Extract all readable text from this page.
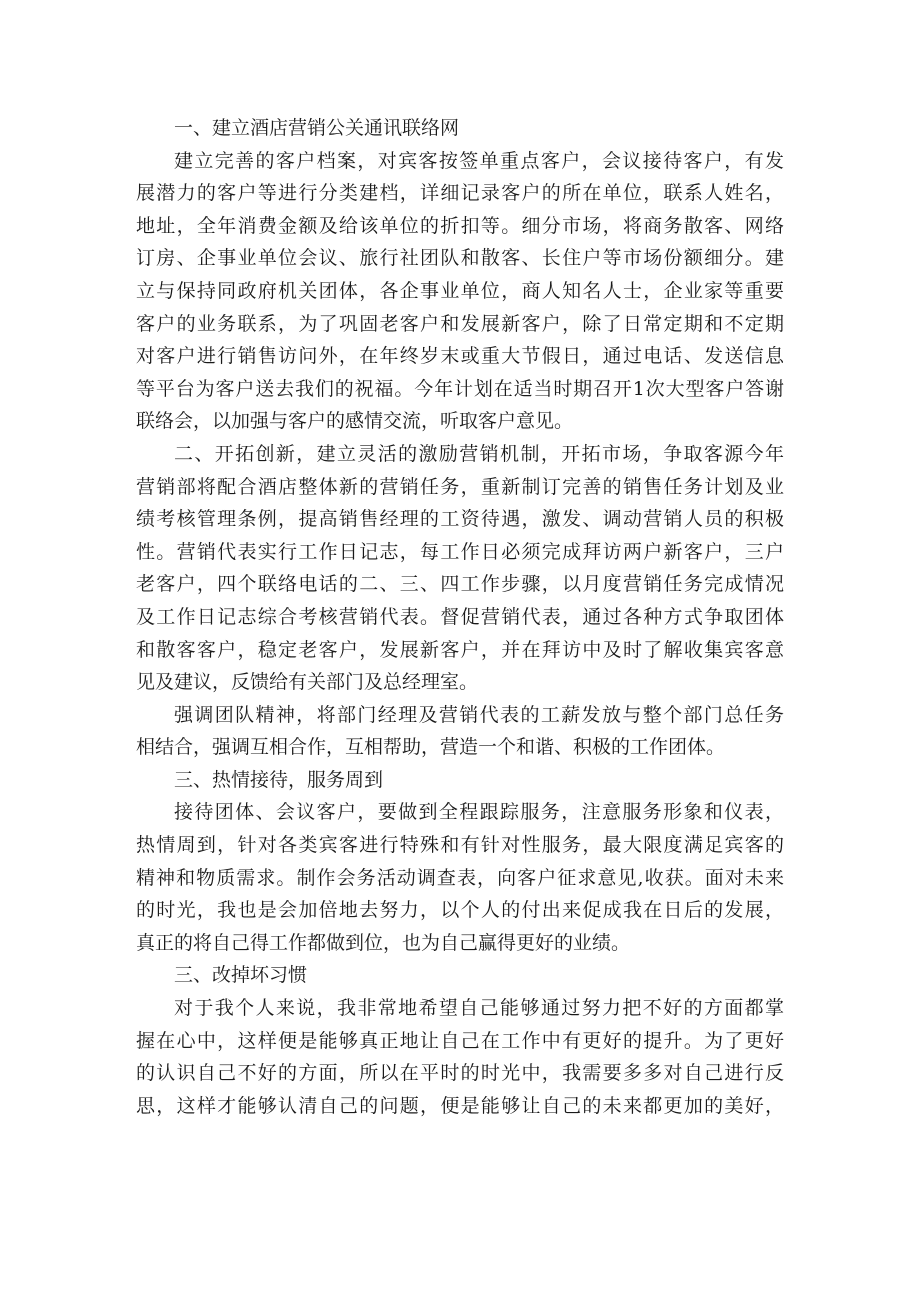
一、建立酒店营销公关通讯联络网
建立完善的客户档案，对宾客按签单重点客户，会议接待客户，有发
展潜力的客户等进行分类建档，详细记录客户的所在单位，联系人姓名，
地址，全年消费金额及给该单位的折扣等。细分市场，将商务散客、网络
订房、企事业单位会议、旅行社团队和散客、长住户等市场份额细分。建
立与保持同政府机关团体，各企事业单位，商人知名人士，企业家等重要
客户的业务联系，为了巩固老客户和发展新客户，除了日常定期和不定期
对客户进行销售访问外，在年终岁末或重大节假日，通过电话、发送信息
等平台为客户送去我们的祝福。今年计划在适当时期召开1次大型客户答谢
联络会，以加强与客户的感情交流，听取客户意见。
二、开拓创新，建立灵活的激励营销机制，开拓市场，争取客源今年
营销部将配合酒店整体新的营销任务，重新制订完善的销售任务计划及业
绩考核管理条例，提高销售经理的工资待遇，激发、调动营销人员的积极
性。营销代表实行工作日记志，每工作日必须完成拜访两户新客户，三户
老客户，四个联络电话的二、三、四工作步骤，以月度营销任务完成情况
及工作日记志综合考核营销代表。督促营销代表，通过各种方式争取团体
和散客客户，稳定老客户，发展新客户，并在拜访中及时了解收集宾客意
见及建议，反馈给有关部门及总经理室。
强调团队精神，将部门经理及营销代表的工薪发放与整个部门总任务
相结合，强调互相合作，互相帮助，营造一个和谐、积极的工作团体。
三、热情接待，服务周到
接待团体、会议客户，要做到全程跟踪服务，注意服务形象和仪表，
热情周到，针对各类宾客进行特殊和有针对性服务，最大限度满足宾客的
精神和物质需求。制作会务活动调查表，向客户征求意见,收获。面对未来
的时光，我也是会加倍地去努力，以个人的付出来促成我在日后的发展，
真正的将自己得工作都做到位，也为自己赢得更好的业绩。
三、改掉坏习惯
对于我个人来说，我非常地希望自己能够通过努力把不好的方面都掌
握在心中，这样便是能够真正地让自己在工作中有更好的提升。为了更好
的认识自己不好的方面，所以在平时的时光中，我需要多多对自己进行反
思，这样才能够认清自己的问题，便是能够让自己的未来都更加的美好，
